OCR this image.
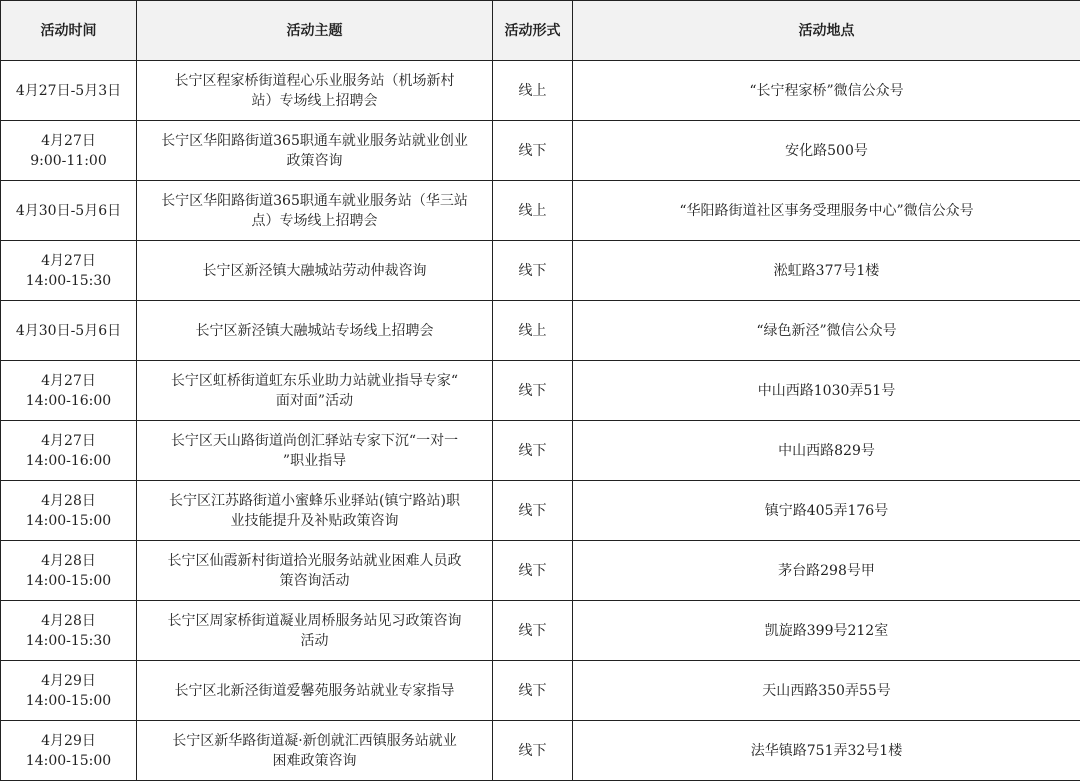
活动时间	活动主题	活动形式	活动地点

4月27日-5月3日	长宁区程家桥街道程心乐业服务站（机场新村
站）专场线上招聘会	线上	“长宁程家桥”微信公众号

4月27日
9:00-11:00	长宁区华阳路街道365职通车就业服务站就业创业
政策咨询	线下	安化路500号

4月30日-5月6日	长宁区华阳路街道365职通车就业服务站（华三站
点）专场线上招聘会	线上	“华阳路街道社区事务受理服务中心”微信公众号

4月27日
14:00-15:30	长宁区新泾镇大融城站劳动仲裁咨询	线下	淞虹路377号1楼

4月30日-5月6日	长宁区新泾镇大融城站专场线上招聘会	线上	“绿色新泾”微信公众号

4月27日
14:00-16:00	长宁区虹桥街道虹东乐业助力站就业指导专家“
面对面”活动	线下	中山西路1030弄51号

4月27日
14:00-16:00	长宁区天山路街道尚创汇驿站专家下沉“一对一
”职业指导	线下	中山西路829号

4月28日
14:00-15:00	长宁区江苏路街道小蜜蜂乐业驿站(镇宁路站)职
业技能提升及补贴政策咨询	线下	镇宁路405弄176号

4月28日
14:00-15:00	长宁区仙霞新村街道拾光服务站就业困难人员政
策咨询活动	线下	茅台路298号甲

4月28日
14:00-15:30	长宁区周家桥街道凝业周桥服务站见习政策咨询
活动	线下	凯旋路399号212室

4月29日
14:00-15:00	长宁区北新泾街道爱馨苑服务站就业专家指导	线下	天山西路350弄55号

4月29日
14:00-15:00	长宁区新华路街道凝·新创就汇西镇服务站就业
困难政策咨询	线下	法华镇路751弄32号1楼
